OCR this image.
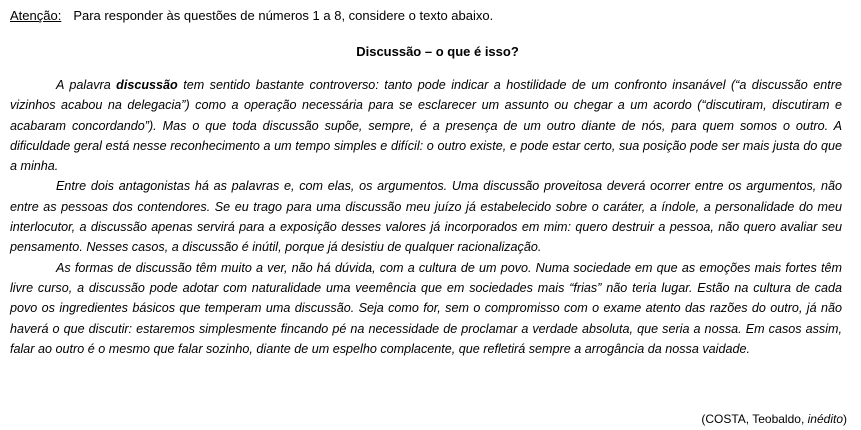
Atenção: Para responder às questões de números 1 a 8, considere o texto abaixo.
Discussão – o que é isso?

A palavra discussão tem sentido bastante controverso: tanto pode indicar a hostilidade de um confronto insanável (“a discussão entre vizinhos acabou na delegacia”) como a operação necessária para se esclarecer um assunto ou chegar a um acordo (“discutiram, discutiram e acabaram concordando”). Mas o que toda discussão supõe, sempre, é a presença de um outro diante de nós, para quem somos o outro. A dificuldade geral está nesse reconhecimento a um tempo simples e difícil: o outro existe, e pode estar certo, sua posição pode ser mais justa do que a minha.

Entre dois antagonistas há as palavras e, com elas, os argumentos. Uma discussão proveitosa deverá ocorrer entre os argumentos, não entre as pessoas dos contendores. Se eu trago para uma discussão meu juízo já estabelecido sobre o caráter, a índole, a personalidade do meu interlocutor, a discussão apenas servirá para a exposição desses valores já incorporados em mim: quero destruir a pessoa, não quero avaliar seu pensamento. Nesses casos, a discussão é inútil, porque já desistiu de qualquer racionalização.

As formas de discussão têm muito a ver, não há dúvida, com a cultura de um povo. Numa sociedade em que as emoções mais fortes têm livre curso, a discussão pode adotar com naturalidade uma veemência que em sociedades mais “frias” não teria lugar. Estão na cultura de cada povo os ingredientes básicos que temperam uma discussão. Seja como for, sem o compromisso com o exame atento das razões do outro, já não haverá o que discutir: estaremos simplesmente fincando pé na necessidade de proclamar a verdade absoluta, que seria a nossa. Em casos assim, falar ao outro é o mesmo que falar sozinho, diante de um espelho complacente, que refletirá sempre a arrogância da nossa vaidade.

(COSTA, Teobaldo, inédito)
